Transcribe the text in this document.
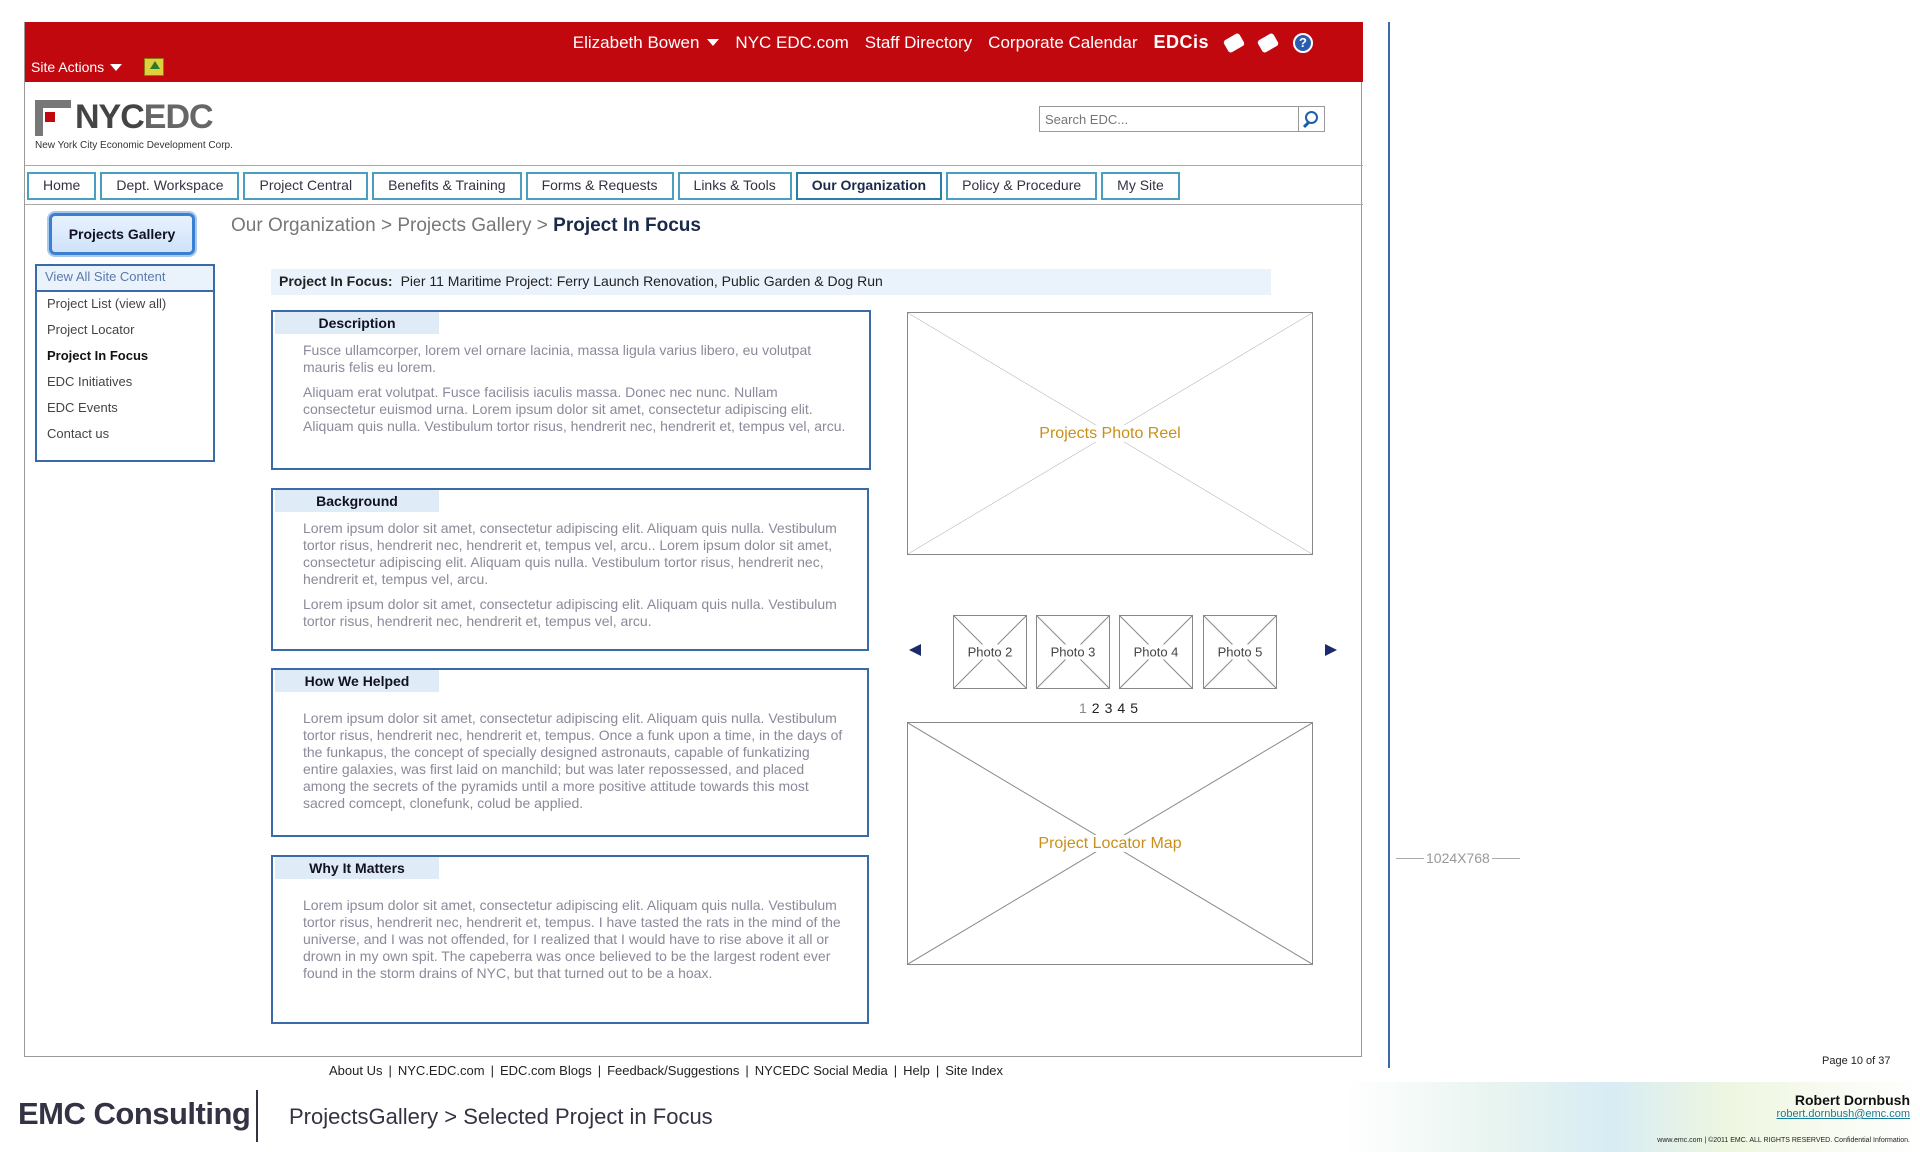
Site Actions
Elizabeth Bowen NYC EDC.com Staff Directory Corporate Calendar EDCis	?
NYCEDC
New York City Economic Development Corp.
Search EDC...
Home	Dept. Workspace	Project Central	Benefits & Training	Forms & Requests	Links & Tools	Our Organization	Policy & Procedure	My Site
Projects Gallery
View All Site Content
Project List (view all)
Project Locator
Project In Focus
EDC Initiatives
EDC Events
Contact us
Our Organization > Projects Gallery > Project In Focus
Project In Focus: Pier 11 Maritime Project: Ferry Launch Renovation, Public Garden & Dog Run
Description

Fusce ullamcorper, lorem vel ornare lacinia, massa ligula varius libero, eu volutpat mauris felis eu lorem.

Aliquam erat volutpat. Fusce facilisis iaculis massa. Donec nec nunc. Nullam consectetur euismod urna. Lorem ipsum dolor sit amet, consectetur adipiscing elit. Aliquam quis nulla. Vestibulum tortor risus, hendrerit nec, hendrerit et, tempus vel, arcu.

Background

Lorem ipsum dolor sit amet, consectetur adipiscing elit. Aliquam quis nulla. Vestibulum tortor risus, hendrerit nec, hendrerit et, tempus vel, arcu.. Lorem ipsum dolor sit amet, consectetur adipiscing elit. Aliquam quis nulla. Vestibulum tortor risus, hendrerit nec, hendrerit et, tempus vel, arcu.

Lorem ipsum dolor sit amet, consectetur adipiscing elit. Aliquam quis nulla. Vestibulum tortor risus, hendrerit nec, hendrerit et, tempus vel, arcu.

How We Helped

Lorem ipsum dolor sit amet, consectetur adipiscing elit. Aliquam quis nulla. Vestibulum tortor risus, hendrerit nec, hendrerit et, tempus. Once a funk upon a time, in the days of the funkapus, the concept of specially designed astronauts, capable of funkatizing entire galaxies, was first laid on manchild; but was later repossessed, and placed among the secrets of the pyramids until a more positive attitude towards this most sacred comcept, clonefunk, colud be applied.

Why It Matters

Lorem ipsum dolor sit amet, consectetur adipiscing elit. Aliquam quis nulla. Vestibulum tortor risus, hendrerit nec, hendrerit et, tempus. I have tasted the rats in the mind of the universe, and I was not offended, for I realized that I would have to rise above it all or drown in my own spit. The capeberra was once believed to be the largest rodent ever found in the storm drains of NYC, but that turned out to be a hoax.

Projects Photo Reel
Photo 2	Photo 3	Photo 4	Photo 5
1 2 3 4 5
Project Locator Map
About Us | NYC.EDC.com | EDC.com Blogs | Feedback/Suggestions | NYCEDC Social Media | Help | Site Index
1024X768
Page 10 of 37
EMC Consulting ProjectsGallery > Selected Project in Focus
Robert Dornbush
robert.dornbush@emc.com
www.emc.com | ©2011 EMC. ALL RIGHTS RESERVED. Confidential Information.
